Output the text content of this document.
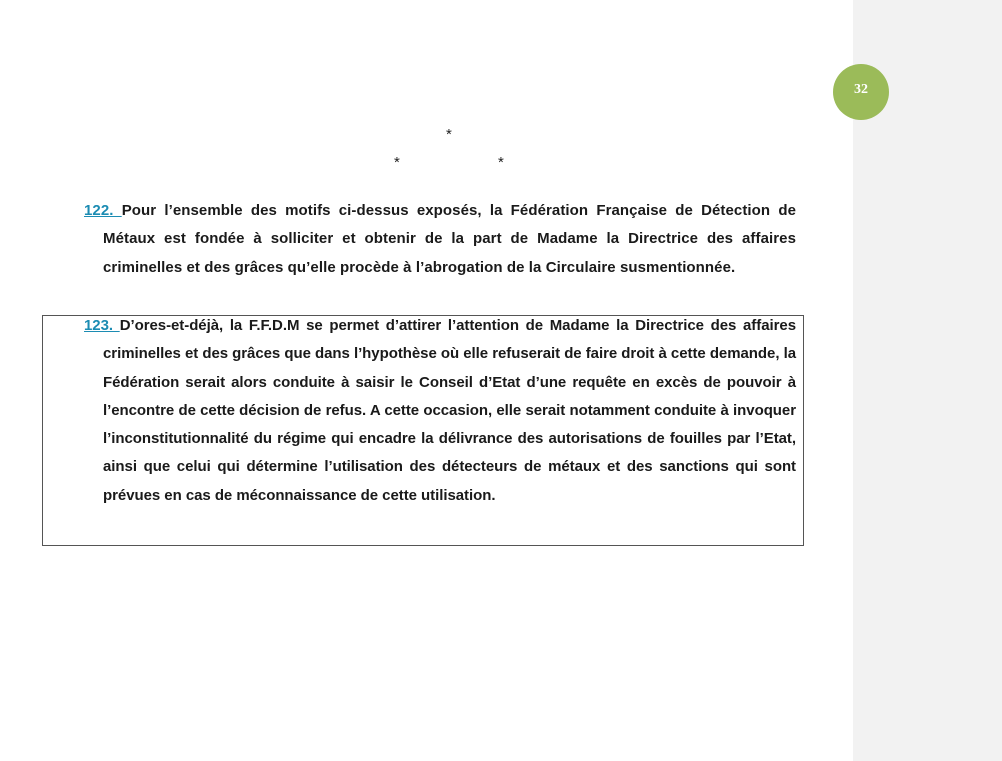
32
*
*	*
122. Pour l’ensemble des motifs ci-dessus exposés, la Fédération Française de Détection de Métaux est fondée à solliciter et obtenir de la part de Madame la Directrice des affaires criminelles et des grâces qu’elle procède à l’abrogation de la Circulaire susmentionnée.
123. D’ores-et-déjà, la F.F.D.M se permet d’attirer l’attention de Madame la Directrice des affaires criminelles et des grâces que dans l’hypothèse où elle refuserait de faire droit à cette demande, la Fédération serait alors conduite à saisir le Conseil d’Etat d’une requête en excès de pouvoir à l’encontre de cette décision de refus. A cette occasion, elle serait notamment conduite à invoquer l’inconstitutionnalité du régime qui encadre la délivrance des autorisations de fouilles par l’Etat, ainsi que celui qui détermine l’utilisation des détecteurs de métaux et des sanctions qui sont prévues en cas de méconnaissance de cette utilisation.
